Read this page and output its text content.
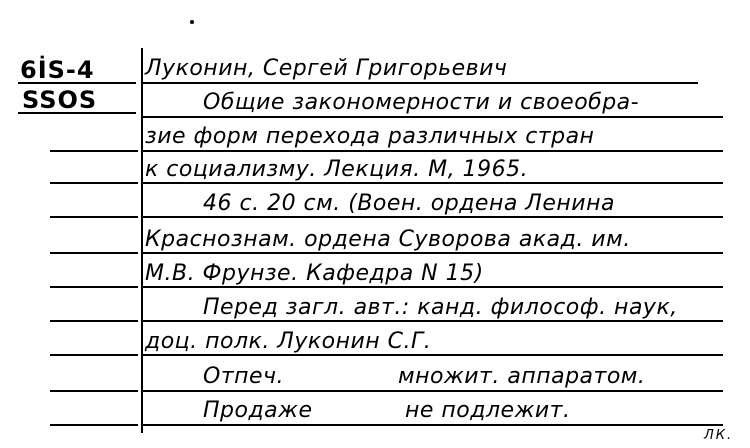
6İS-4
SSOS
Луконин, Сергей Григорьевич
Общие закономерности и своеобра-
зие форм перехода различных стран
к социализму. Лекция. М, 1965.
46 с. 20 см. (Воен. ордена Ленина
Краснознам. ордена Суворова акад. им.
М.В. Фрунзе. Кафедра N 15)
Перед загл. авт.: канд. философ. наук,
доц. полк. Луконин С.Г.
Отпеч.	множит. аппаратом.
Продаже	не подлежит.
ЛК.
